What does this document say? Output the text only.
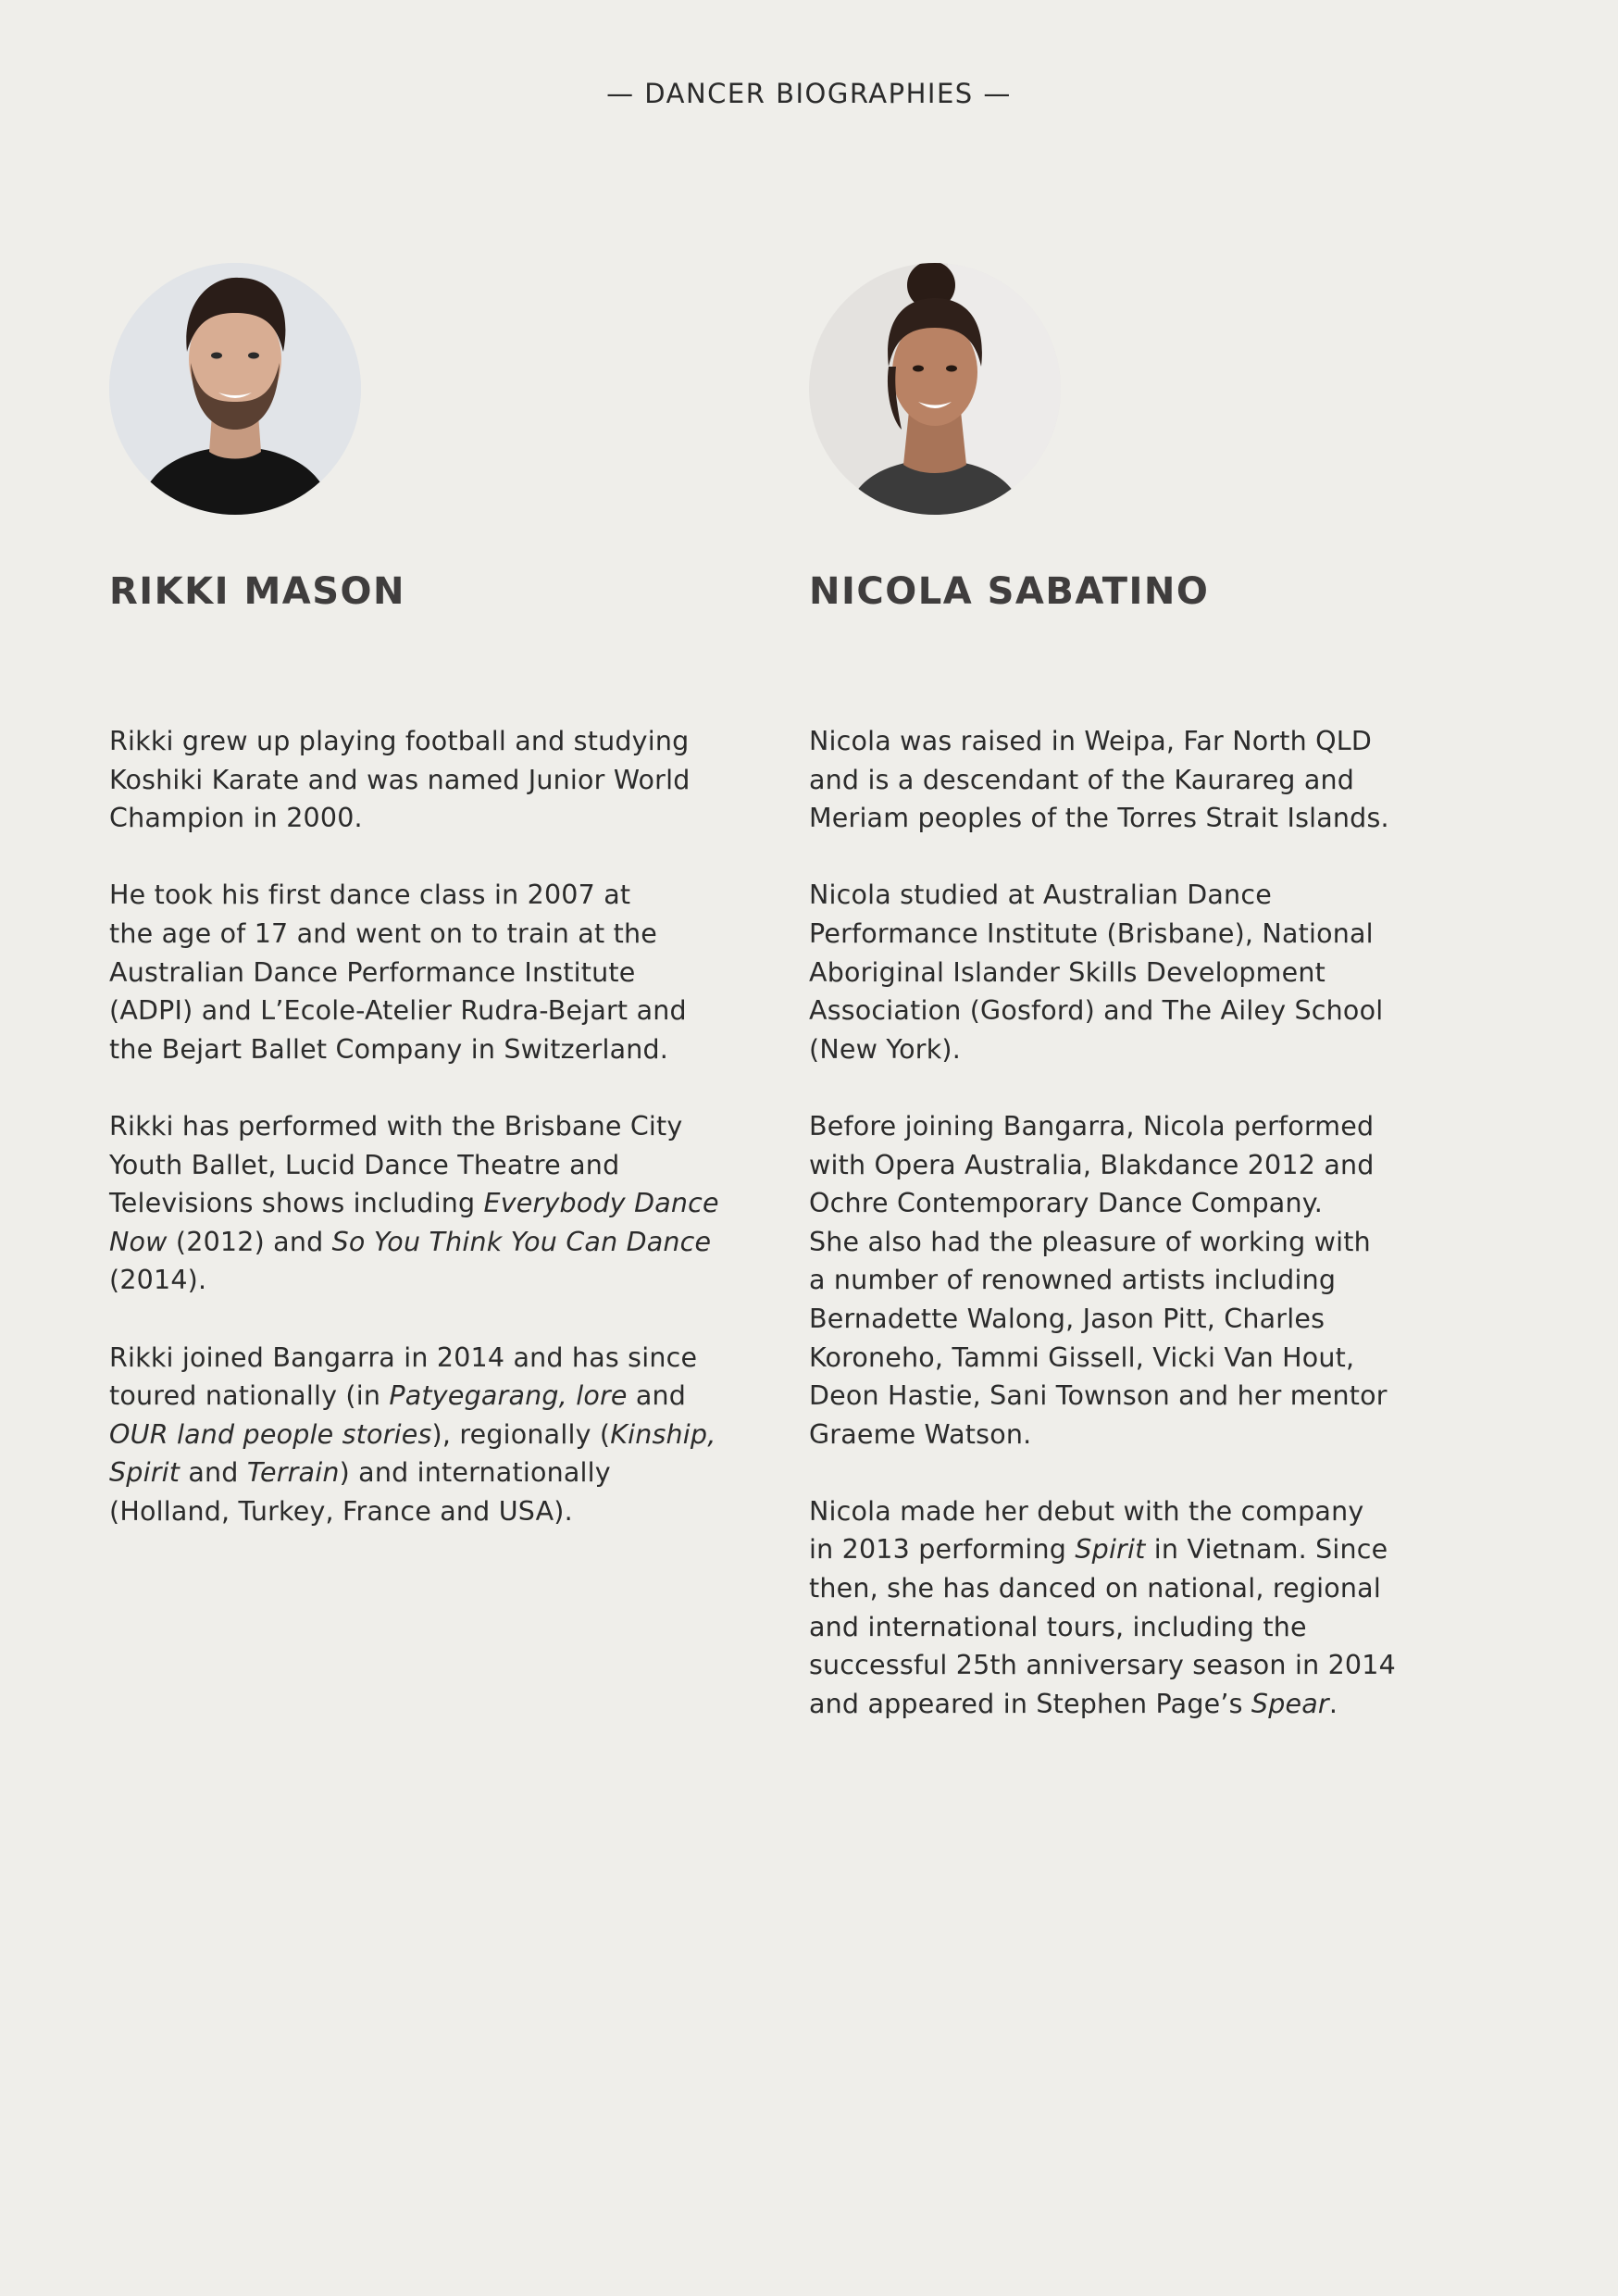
— DANCER BIOGRAPHIES —
RIKKI MASON

Rikki grew up playing football and studying
Koshiki Karate and was named Junior World
Champion in 2000.

He took his first dance class in 2007 at
the age of 17 and went on to train at the
Australian Dance Performance Institute
(ADPI) and L’Ecole-Atelier Rudra-Bejart and
the Bejart Ballet Company in Switzerland.

Rikki has performed with the Brisbane City
Youth Ballet, Lucid Dance Theatre and
Televisions shows including Everybody Dance
Now (2012) and So You Think You Can Dance
(2014).

Rikki joined Bangarra in 2014 and has since
toured nationally (in Patyegarang, lore and
OUR land people stories), regionally (Kinship,
Spirit and Terrain) and internationally
(Holland, Turkey, France and USA).

NICOLA SABATINO

Nicola was raised in Weipa, Far North QLD
and is a descendant of the Kaurareg and
Meriam peoples of the Torres Strait Islands.

Nicola studied at Australian Dance
Performance Institute (Brisbane), National
Aboriginal Islander Skills Development
Association (Gosford) and The Ailey School
(New York).

Before joining Bangarra, Nicola performed
with Opera Australia, Blakdance 2012 and
Ochre Contemporary Dance Company.
She also had the pleasure of working with
a number of renowned artists including
Bernadette Walong, Jason Pitt, Charles
Koroneho, Tammi Gissell, Vicki Van Hout,
Deon Hastie, Sani Townson and her mentor
Graeme Watson.

Nicola made her debut with the company
in 2013 performing Spirit in Vietnam. Since
then, she has danced on national, regional
and international tours, including the
successful 25th anniversary season in 2014
and appeared in Stephen Page’s Spear.
